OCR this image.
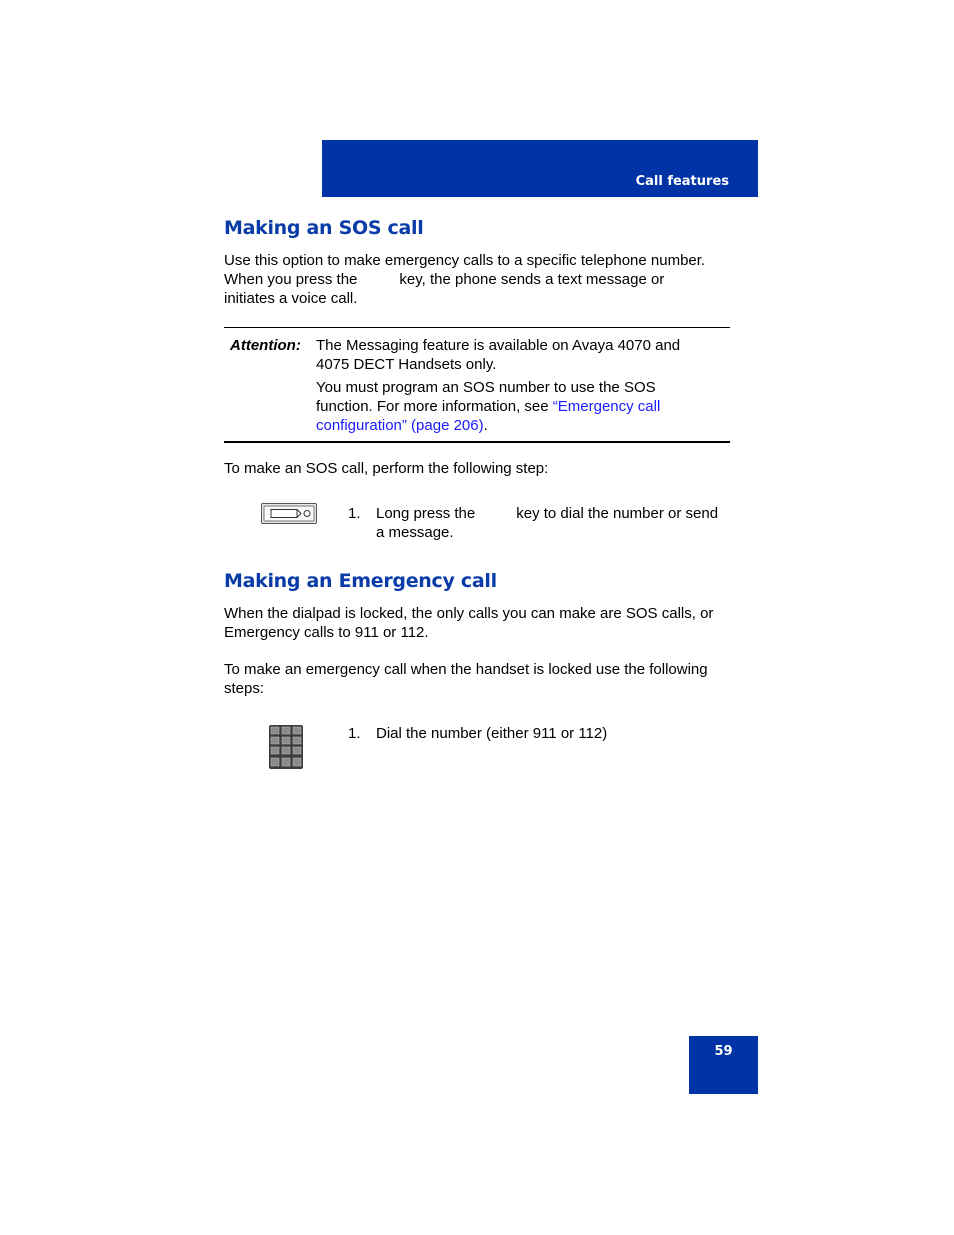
Call features
Making an SOS call
Use this option to make emergency calls to a specific telephone number.
When you press the	key, the phone sends a text message or
initiates a voice call.
Attention: The Messaging feature is available on Avaya 4070 and 4075 DECT Handsets only.

You must program an SOS number to use the SOS function. For more information, see “Emergency call configuration” (page 206).

To make an SOS call, perform the following step:
1. Long press the	key to dial the number or send a message.
Making an Emergency call
When the dialpad is locked, the only calls you can make are SOS calls, or Emergency calls to 911 or 112.
To make an emergency call when the handset is locked use the following steps:
1. Dial the number (either 911 or 112)
59
